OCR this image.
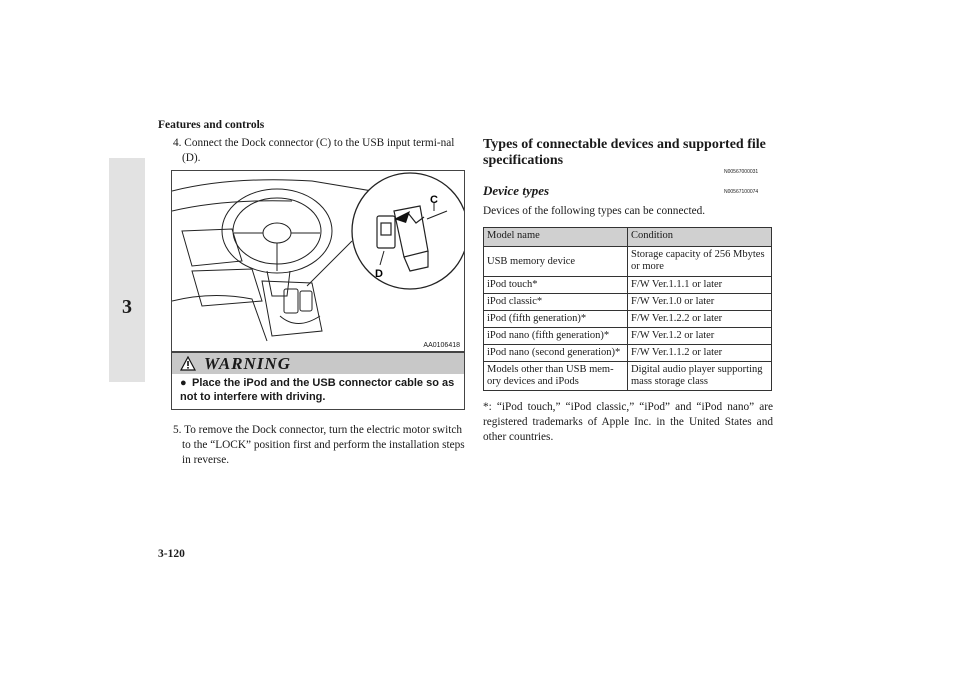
Features and controls
3
4. Connect the Dock connector (C) to the USB input termi-nal (D).
C
D
AA0106418
WARNING
● Place the iPod and the USB connector cable so as not to interfere with driving.
5. To remove the Dock connector, turn the electric motor switch to the “LOCK” position first and perform the installation steps in reverse.
Types of connectable devices and supported file specifications
N00567000031
Device types	N00567100074
Devices of the following types can be connected.
Model name	Condition
USB memory device	Storage capacity of 256 Mbytes or more
iPod touch*	F/W Ver.1.1.1 or later
iPod classic*	F/W Ver.1.0 or later
iPod (fifth generation)*	F/W Ver.1.2.2 or later
iPod nano (fifth generation)*	F/W Ver.1.2 or later
iPod nano (second generation)*	F/W Ver.1.1.2 or later
Models other than USB mem-ory devices and iPods	Digital audio player supporting mass storage class
*: “iPod touch,” “iPod classic,” “iPod” and “iPod nano” are registered trademarks of Apple Inc. in the United States and other countries.
3-120
